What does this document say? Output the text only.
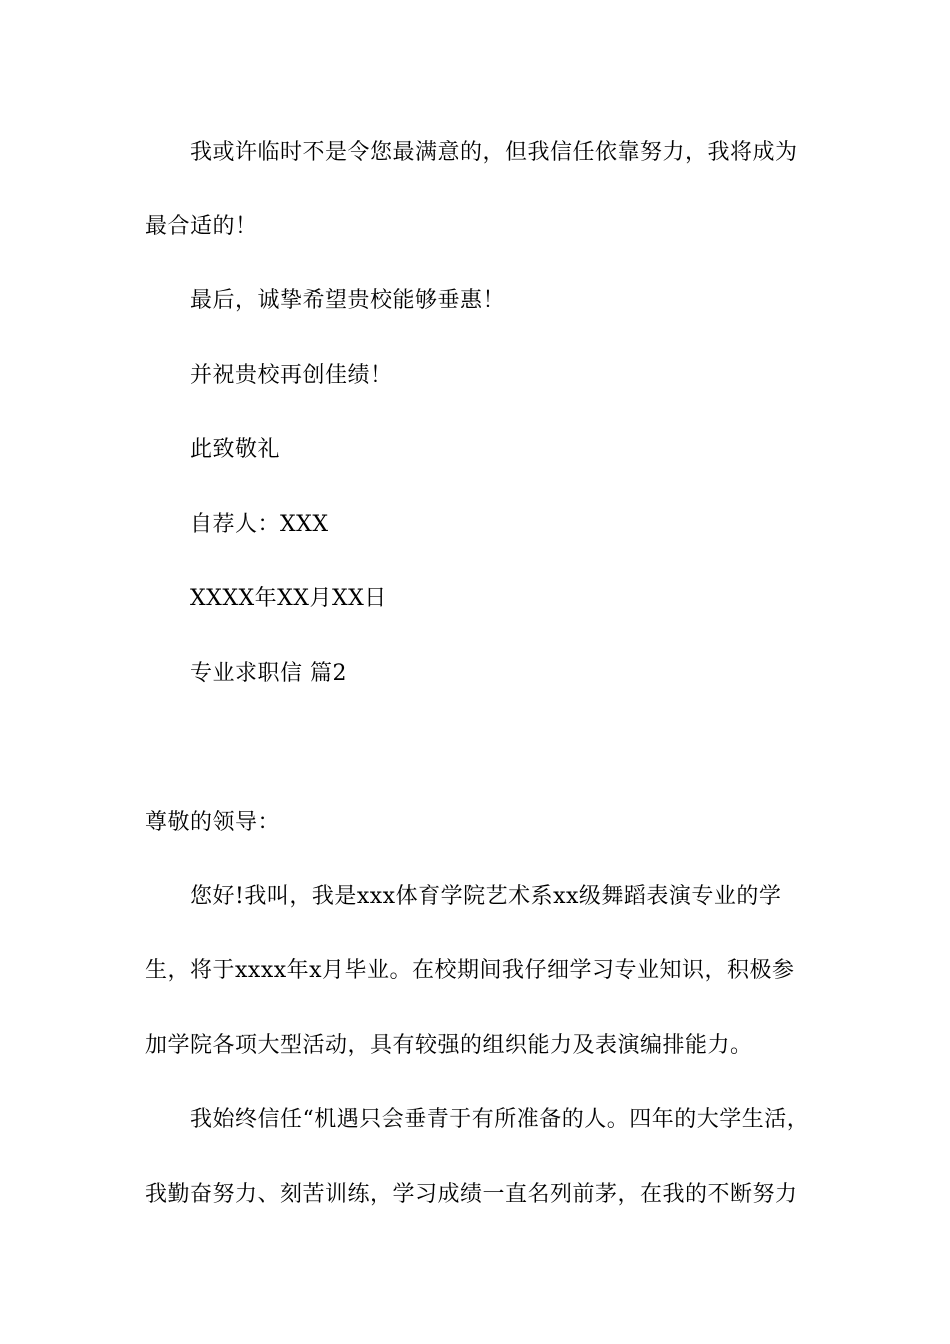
我或许临时不是令您最满意的，但我信任依靠努力，我将成为
最合适的！
最后，诚挚希望贵校能够垂惠！
并祝贵校再创佳绩！
此致敬礼
自荐人：XXX
XXXX年XX月XX日
专业求职信 篇2
尊敬的领导：
您好!我叫，我是xxx体育学院艺术系xx级舞蹈表演专业的学
生，将于xxxx年x月毕业。在校期间我仔细学习专业知识，积极参
加学院各项大型活动，具有较强的组织能力及表演编排能力。
我始终信任“机遇只会垂青于有所准备的人。四年的大学生活，
我勤奋努力、刻苦训练，学习成绩一直名列前茅，在我的不断努力
